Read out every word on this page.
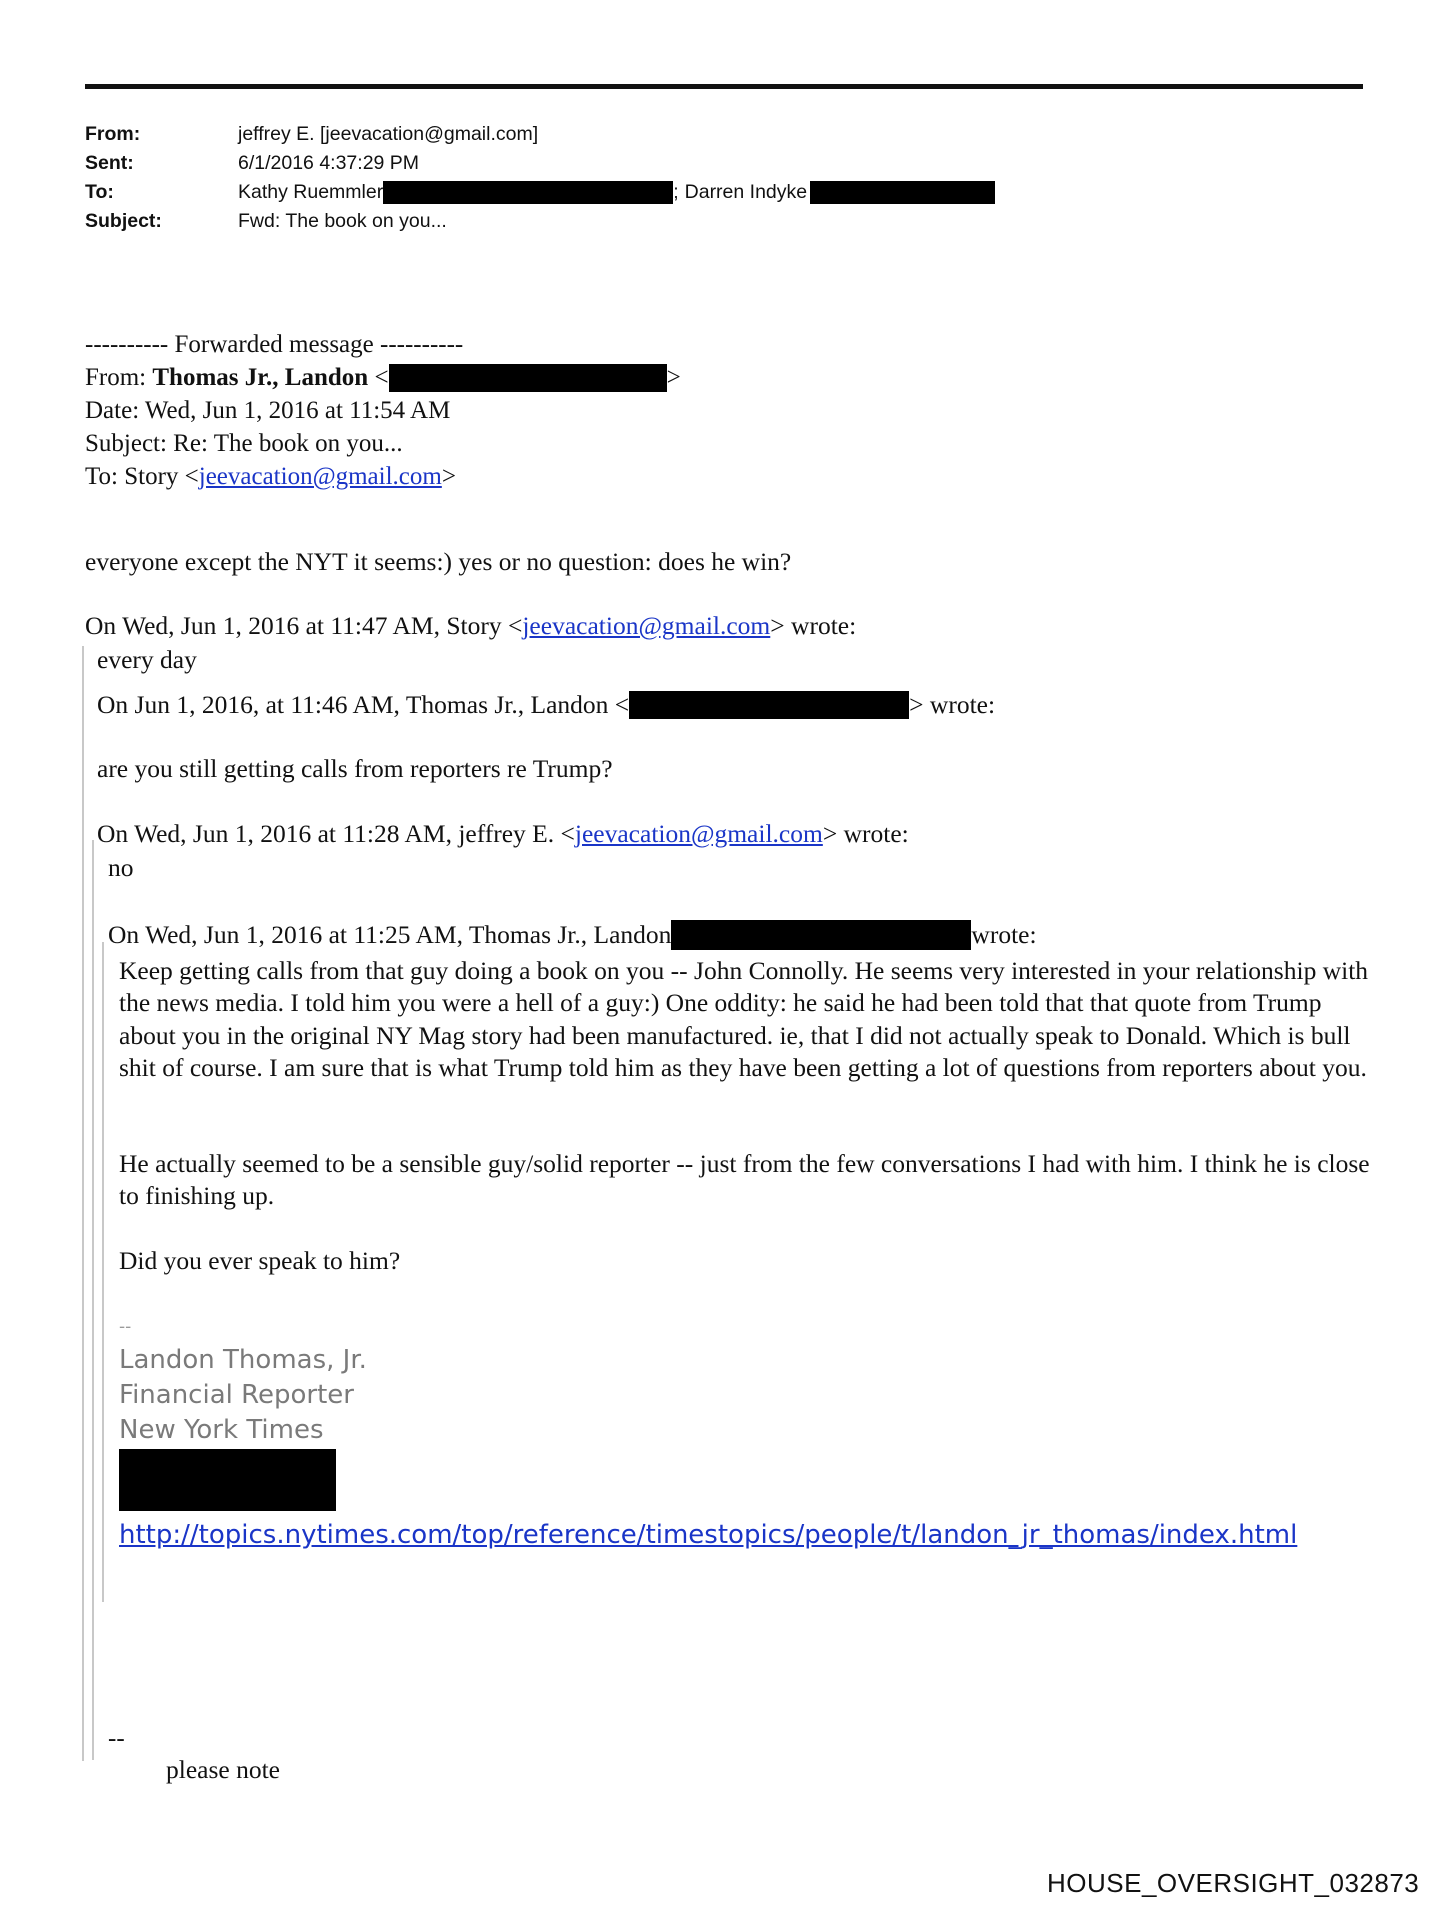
From:	jeffrey E. [jeevacation@gmail.com]
Sent:	6/1/2016 4:37:29 PM
To:	Kathy Ruemmler	; Darren Indyke
Subject:	Fwd: The book on you...
---------- Forwarded message ----------
From: Thomas Jr., Landon <	>
Date: Wed, Jun 1, 2016 at 11:54 AM
Subject: Re: The book on you...
To: Story < jeevacation@gmail.com >
everyone except the NYT it seems:) yes or no question: does he win?
On Wed, Jun 1, 2016 at 11:47 AM, Story < jeevacation@gmail.com > wrote:
every day
On Jun 1, 2016, at 11:46 AM, Thomas Jr., Landon <	> wrote:
are you still getting calls from reporters re Trump?
On Wed, Jun 1, 2016 at 11:28 AM, jeffrey E. < jeevacation@gmail.com > wrote:
no
On Wed, Jun 1, 2016 at 11:25 AM, Thomas Jr., Landon	wrote:
Keep getting calls from that guy doing a book on you -- John Connolly. He seems very interested in your relationship with the news media. I told him you were a hell of a guy:) One oddity: he said he had been told that that quote from Trump about you in the original NY Mag story had been manufactured. ie, that I did not actually speak to Donald. Which is bull shit of course. I am sure that is what Trump told him as they have been getting a lot of questions from reporters about you.
He actually seemed to be a sensible guy/solid reporter -- just from the few conversations I had with him. I think he is close to finishing up.
Did you ever speak to him?
--
Landon Thomas, Jr.
Financial Reporter
New York Times
http://topics.nytimes.com/top/reference/timestopics/people/t/landon_jr_thomas/index.html
--
please note
HOUSE_OVERSIGHT_032873
